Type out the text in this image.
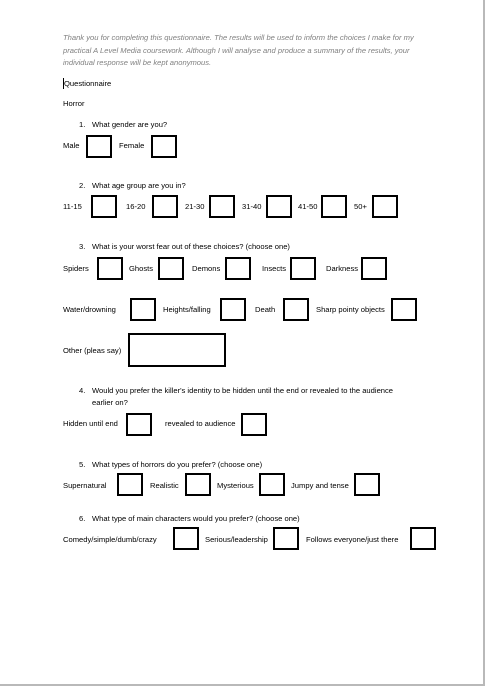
Thank you for completing this questionnaire. The results will be used to inform the choices I make for my practical A Level Media coursework. Although I will analyse and produce a summary of the results, your individual response will be kept anonymous.
Questionnaire
Horror
1. What gender are you?
Male	Female
2. What age group are you in?
11-15	16-20	21-30	31-40	41-50	50+
3. What is your worst fear out of these choices? (choose one)
Spiders	Ghosts	Demons	Insects	Darkness
Water/drowning	Heights/falling	Death	Sharp pointy objects
Other (pleas say)
4. Would you prefer the killer's identity to be hidden until the end or revealed to the audience
earlier on?
Hidden until end	revealed to audience
5. What types of horrors do you prefer? (choose one)
Supernatural	Realistic	Mysterious	Jumpy and tense
6. What type of main characters would you prefer? (choose one)
Comedy/simple/dumb/crazy	Serious/leadership	Follows everyone/just there
